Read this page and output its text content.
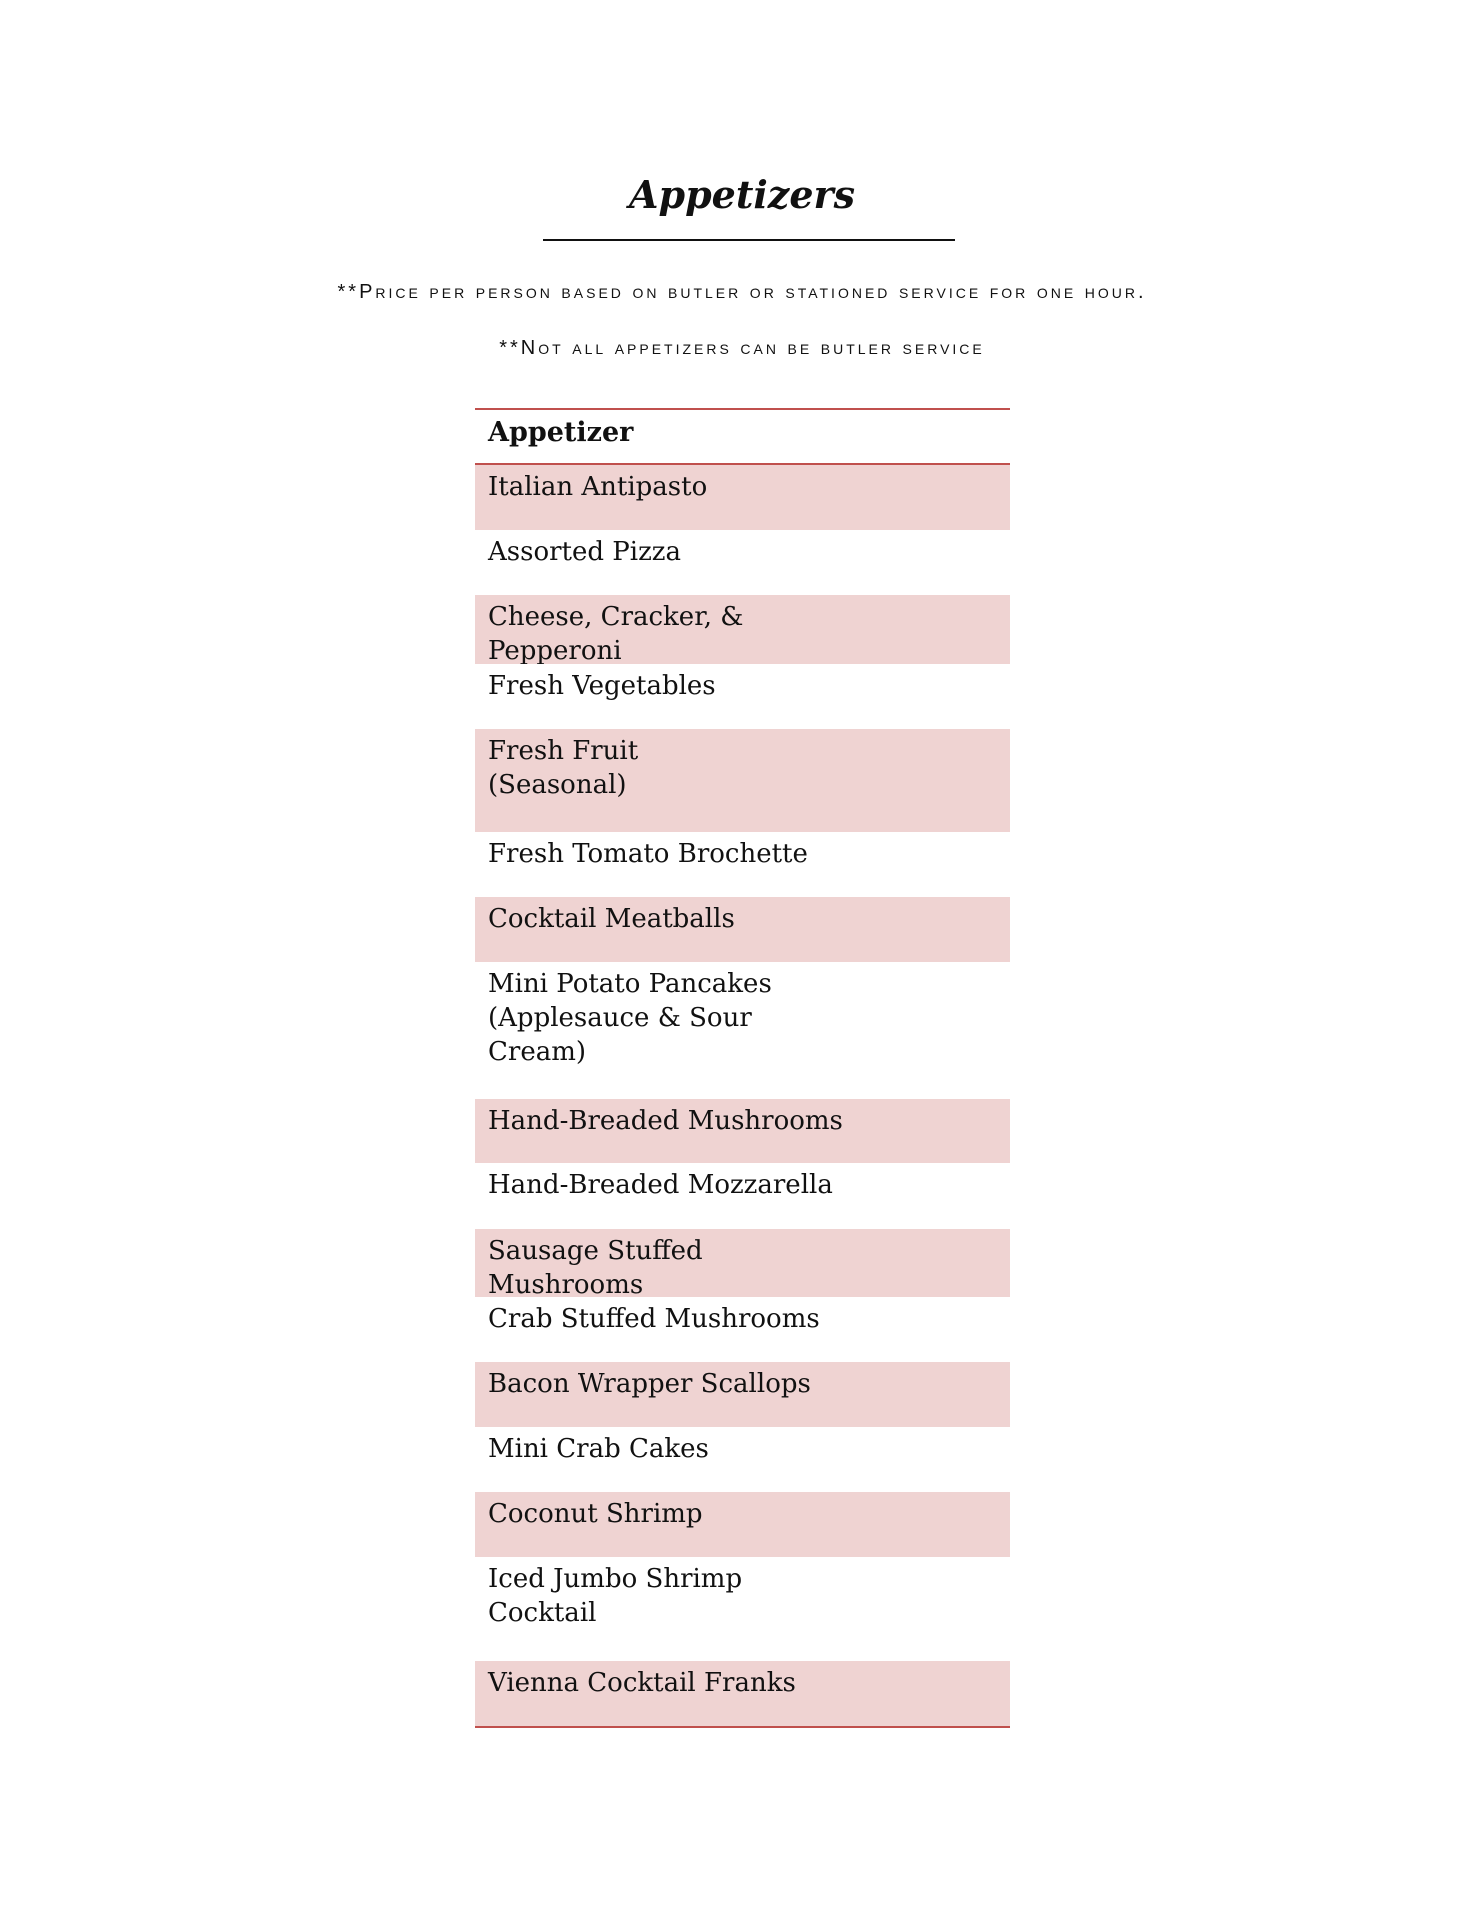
Appetizers
**Price per person based on butler or stationed service for one hour.
**Not all appetizers can be butler service
Appetizer
Italian Antipasto
Assorted Pizza
Cheese, Cracker, &
Pepperoni
Fresh Vegetables
Fresh Fruit
(Seasonal)
Fresh Tomato Brochette
Cocktail Meatballs
Mini Potato Pancakes
(Applesauce & Sour
Cream)
Hand-Breaded Mushrooms
Hand-Breaded Mozzarella
Sausage Stuffed
Mushrooms
Crab Stuffed Mushrooms
Bacon Wrapper Scallops
Mini Crab Cakes
Coconut Shrimp
Iced Jumbo Shrimp
Cocktail
Vienna Cocktail Franks
